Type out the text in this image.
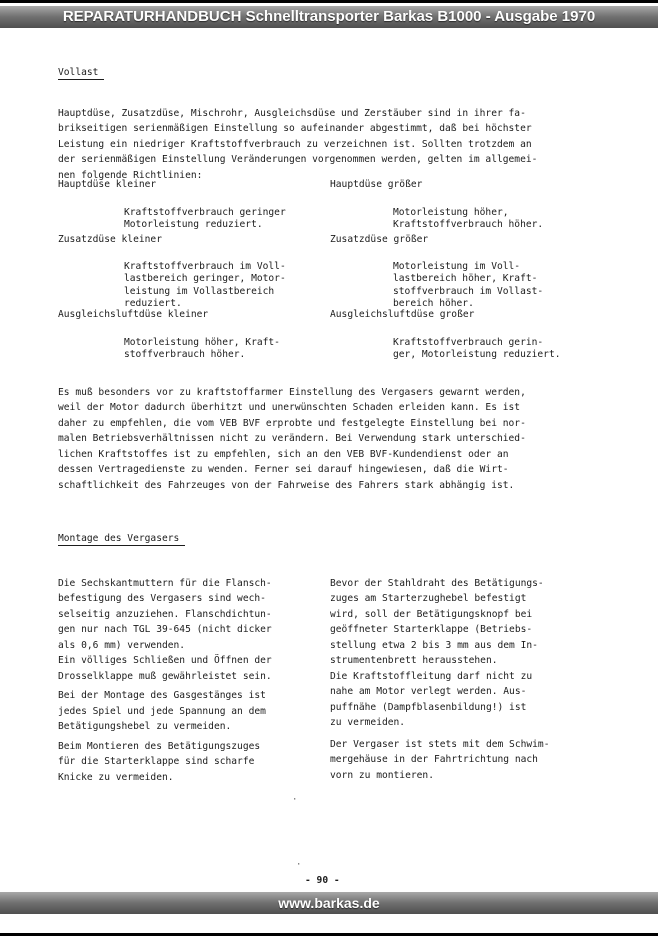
REPARATURHANDBUCH Schnelltransporter Barkas B1000 - Ausgabe 1970
Vollast

Hauptdüse, Zusatzdüse, Mischrohr, Ausgleichsdüse und Zerstäuber sind in ihrer fa-
brikseitigen serienmäßigen Einstellung so aufeinander abgestimmt, daß bei höchster
Leistung ein niedriger Kraftstoffverbrauch zu verzeichnen ist. Sollten trotzdem an
der serienmäßigen Einstellung Veränderungen vorgenommen werden, gelten im allgemei-
nen folgende Richtlinien:

Hauptdüse kleiner

Kraftstoffverbrauch geringer
Motorleistung reduziert.

Hauptdüse größer

Motorleistung höher,
Kraftstoffverbrauch höher.

Zusatzdüse kleiner

Kraftstoffverbrauch im Voll-
lastbereich geringer, Motor-
leistung im Vollastbereich
reduziert.

Zusatzdüse größer

Motorleistung im Voll-
lastbereich höher, Kraft-
stoffverbrauch im Vollast-
bereich höher.

Ausgleichsluftdüse kleiner

Motorleistung höher, Kraft-
stoffverbrauch höher.

Ausgleichsluftdüse großer

Kraftstoffverbrauch gerin-
ger, Motorleistung reduziert.

Es muß besonders vor zu kraftstoffarmer Einstellung des Vergasers gewarnt werden,
weil der Motor dadurch überhitzt und unerwünschten Schaden erleiden kann. Es ist
daher zu empfehlen, die vom VEB BVF erprobte und festgelegte Einstellung bei nor-
malen Betriebsverhältnissen nicht zu verändern. Bei Verwendung stark unterschied-
lichen Kraftstoffes ist zu empfehlen, sich an den VEB BVF-Kundendienst oder an
dessen Vertragedienste zu wenden. Ferner sei darauf hingewiesen, daß die Wirt-
schaftlichkeit des Fahrzeuges von der Fahrweise des Fahrers stark abhängig ist.

Montage des Vergasers

Die Sechskantmuttern für die Flansch-
befestigung des Vergasers sind wech-
selseitig anzuziehen. Flanschdichtun-
gen nur nach TGL 39-645 (nicht dicker
als 0,6 mm) verwenden.
Ein völliges Schließen und Öffnen der
Drosselklappe muß gewährleistet sein.
Bei der Montage des Gasgestänges ist
jedes Spiel und jede Spannung an dem
Betätigungshebel zu vermeiden.
Beim Montieren des Betätigungszuges
für die Starterklappe sind scharfe
Knicke zu vermeiden.

Bevor der Stahldraht des Betätigungs-
zuges am Starterzughebel befestigt
wird, soll der Betätigungsknopf bei
geöffneter Starterklappe (Betriebs-
stellung etwa 2 bis 3 mm aus dem In-
strumentenbrett herausstehen.
Die Kraftstoffleitung darf nicht zu
nahe am Motor verlegt werden. Aus-
puffnähe (Dampfblasenbildung!) ist
zu vermeiden.
Der Vergaser ist stets mit dem Schwim-
mergehäuse in der Fahrtrichtung nach
vorn zu montieren.

·
·
- 90 -
www.barkas.de
